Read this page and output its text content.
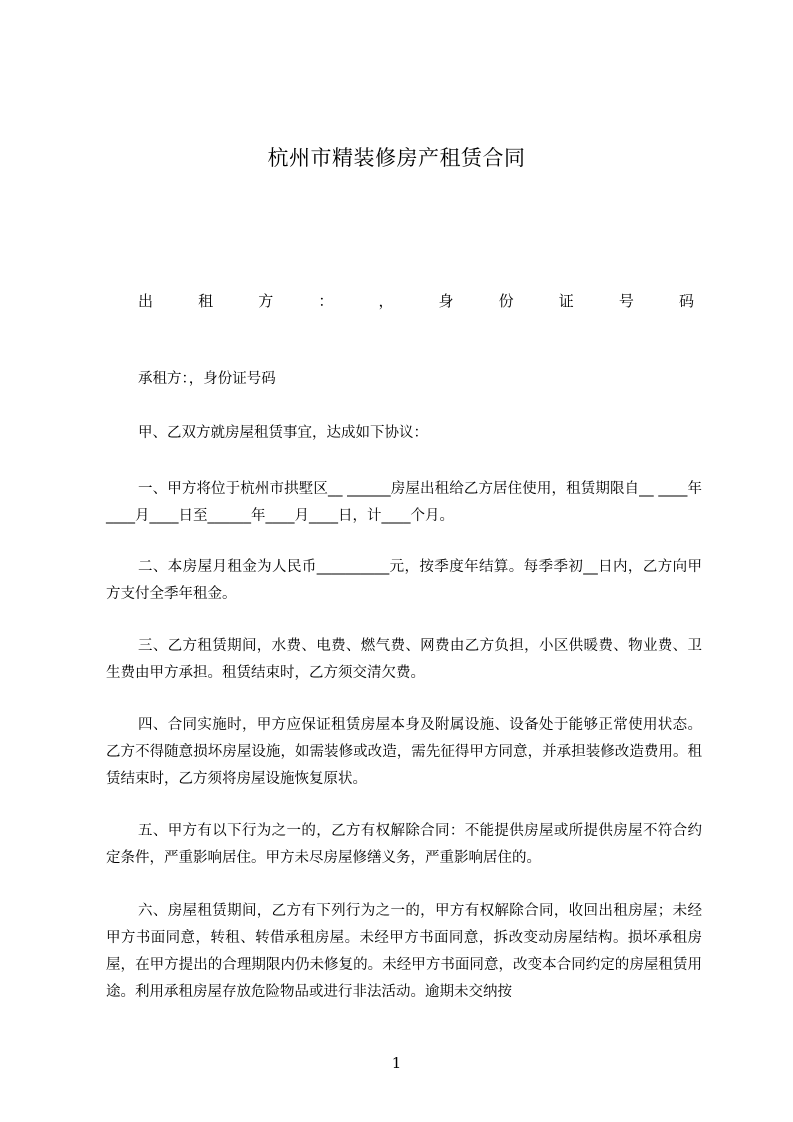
杭州市精装修房产租赁合同
出	租	方	：	，	身	份	证	号	码

承租方：，身份证号码

甲、乙双方就房屋租赁事宜，达成如下协议：

一、甲方将位于杭州市拱墅区__ ______房屋出租给乙方居住使用，租赁期限自__ ____年____月____日至______年____月____日，计____个月。

二、本房屋月租金为人民币__________元，按季度年结算。每季季初__日内，乙方向甲方支付全季年租金。

三、乙方租赁期间，水费、电费、燃气费、网费由乙方负担，小区供暖费、物业费、卫生费由甲方承担。租赁结束时，乙方须交清欠费。

四、合同实施时，甲方应保证租赁房屋本身及附属设施、设备处于能够正常使用状态。乙方不得随意损坏房屋设施，如需装修或改造，需先征得甲方同意，并承担装修改造费用。租赁结束时，乙方须将房屋设施恢复原状。

五、甲方有以下行为之一的，乙方有权解除合同：不能提供房屋或所提供房屋不符合约定条件，严重影响居住。甲方未尽房屋修缮义务，严重影响居住的。

六、房屋租赁期间，乙方有下列行为之一的，甲方有权解除合同，收回出租房屋；未经甲方书面同意，转租、转借承租房屋。未经甲方书面同意，拆改变动房屋结构。损坏承租房屋，在甲方提出的合理期限内仍未修复的。未经甲方书面同意，改变本合同约定的房屋租赁用途。利用承租房屋存放危险物品或进行非法活动。逾期未交纳按

1
